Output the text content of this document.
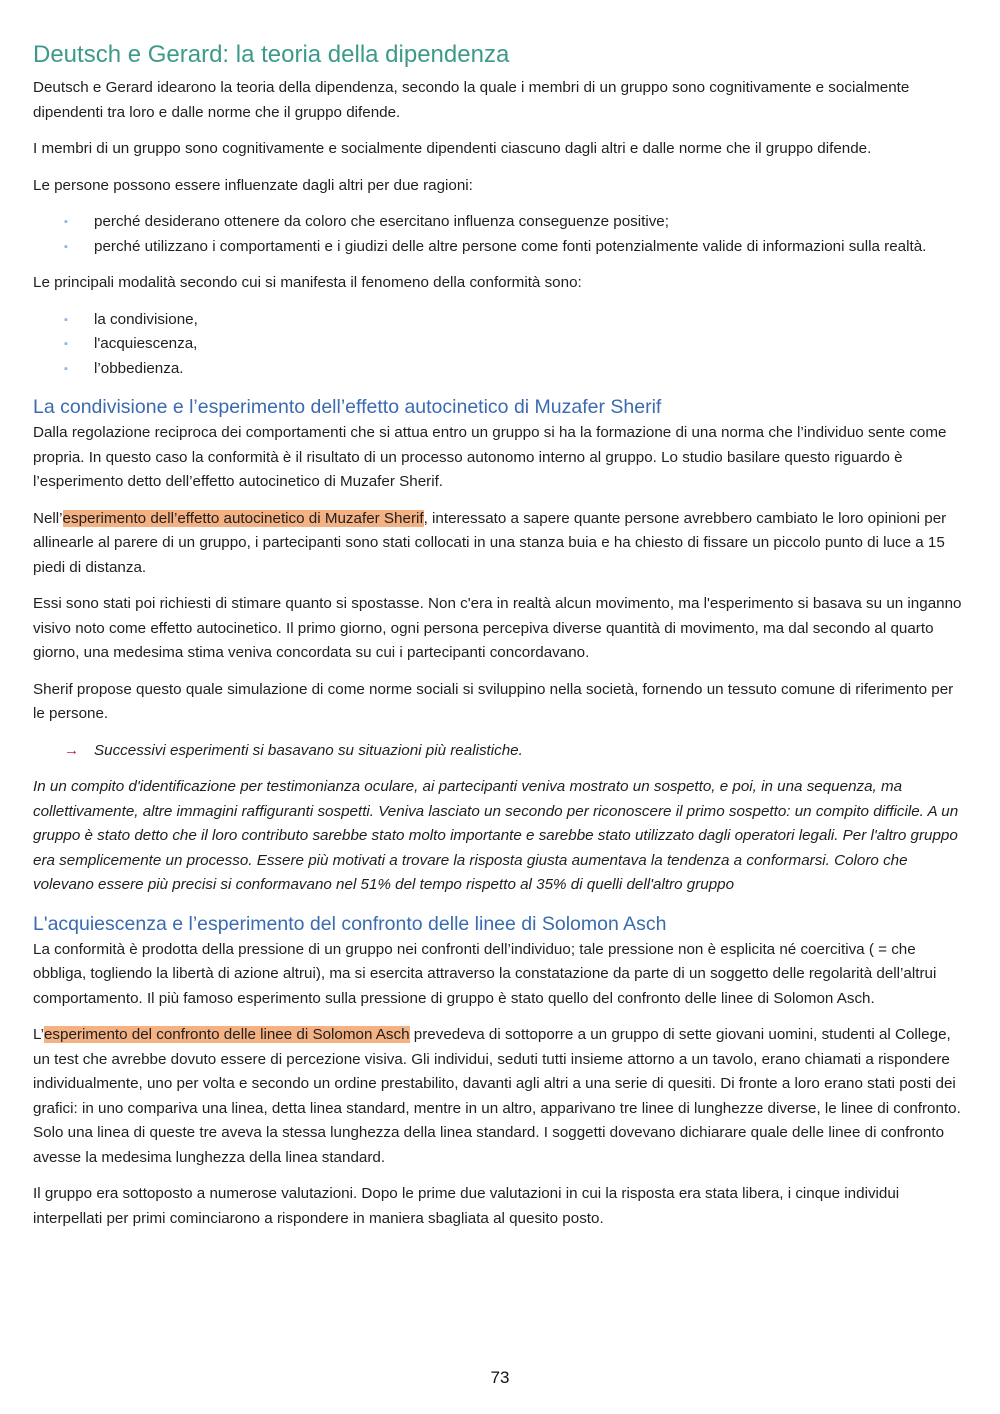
Deutsch e Gerard: la teoria della dipendenza

Deutsch e Gerard idearono la teoria della dipendenza, secondo la quale i membri di un gruppo sono cognitivamente e socialmente dipendenti tra loro e dalle norme che il gruppo difende.

I membri di un gruppo sono cognitivamente e socialmente dipendenti ciascuno dagli altri e dalle norme che il gruppo difende.

Le persone possono essere influenzate dagli altri per due ragioni:

▪ perché desiderano ottenere da coloro che esercitano influenza conseguenze positive;
▪ perché utilizzano i comportamenti e i giudizi delle altre persone come fonti potenzialmente valide di informazioni sulla realtà.

Le principali modalità secondo cui si manifesta il fenomeno della conformità sono:

▪ la condivisione,
▪ l'acquiescenza,
▪ l’obbedienza.
La condivisione e l’esperimento dell’effetto autocinetico di Muzafer Sherif

Dalla regolazione reciproca dei comportamenti che si attua entro un gruppo si ha la formazione di una norma che l’individuo sente come propria. In questo caso la conformità è il risultato di un processo autonomo interno al gruppo. Lo studio basilare questo riguardo è l’esperimento detto dell’effetto autocinetico di Muzafer Sherif.

Nell’esperimento dell’effetto autocinetico di Muzafer Sherif, interessato a sapere quante persone avrebbero cambiato le loro opinioni per allinearle al parere di un gruppo, i partecipanti sono stati collocati in una stanza buia e ha chiesto di fissare un piccolo punto di luce a 15 piedi di distanza.

Essi sono stati poi richiesti di stimare quanto si spostasse. Non c'era in realtà alcun movimento, ma l'esperimento si basava su un inganno visivo noto come effetto autocinetico. Il primo giorno, ogni persona percepiva diverse quantità di movimento, ma dal secondo al quarto giorno, una medesima stima veniva concordata su cui i partecipanti concordavano.

Sherif propose questo quale simulazione di come norme sociali si sviluppino nella società, fornendo un tessuto comune di riferimento per le persone.

→ Successivi esperimenti si basavano su situazioni più realistiche.

In un compito d'identificazione per testimonianza oculare, ai partecipanti veniva mostrato un sospetto, e poi, in una sequenza, ma collettivamente, altre immagini raffiguranti sospetti. Veniva lasciato un secondo per riconoscere il primo sospetto: un compito difficile. A un gruppo è stato detto che il loro contributo sarebbe stato molto importante e sarebbe stato utilizzato dagli operatori legali. Per l'altro gruppo era semplicemente un processo. Essere più motivati a trovare la risposta giusta aumentava la tendenza a conformarsi. Coloro che volevano essere più precisi si conformavano nel 51% del tempo rispetto al 35% di quelli dell'altro gruppo

L'acquiescenza e l’esperimento del confronto delle linee di Solomon Asch

La conformità è prodotta della pressione di un gruppo nei confronti dell’individuo; tale pressione non è esplicita né coercitiva ( = che obbliga, togliendo la libertà di azione altrui), ma si esercita attraverso la constatazione da parte di un soggetto delle regolarità dell’altrui comportamento. Il più famoso esperimento sulla pressione di gruppo è stato quello del confronto delle linee di Solomon Asch.

L’esperimento del confronto delle linee di Solomon Asch prevedeva di sottoporre a un gruppo di sette giovani uomini, studenti al College, un test che avrebbe dovuto essere di percezione visiva. Gli individui, seduti tutti insieme attorno a un tavolo, erano chiamati a rispondere individualmente, uno per volta e secondo un ordine prestabilito, davanti agli altri a una serie di quesiti. Di fronte a loro erano stati posti dei grafici: in uno compariva una linea, detta linea standard, mentre in un altro, apparivano tre linee di lunghezze diverse, le linee di confronto. Solo una linea di queste tre aveva la stessa lunghezza della linea standard. I soggetti dovevano dichiarare quale delle linee di confronto avesse la medesima lunghezza della linea standard.

Il gruppo era sottoposto a numerose valutazioni. Dopo le prime due valutazioni in cui la risposta era stata libera, i cinque individui interpellati per primi cominciarono a rispondere in maniera sbagliata al quesito posto.

73
